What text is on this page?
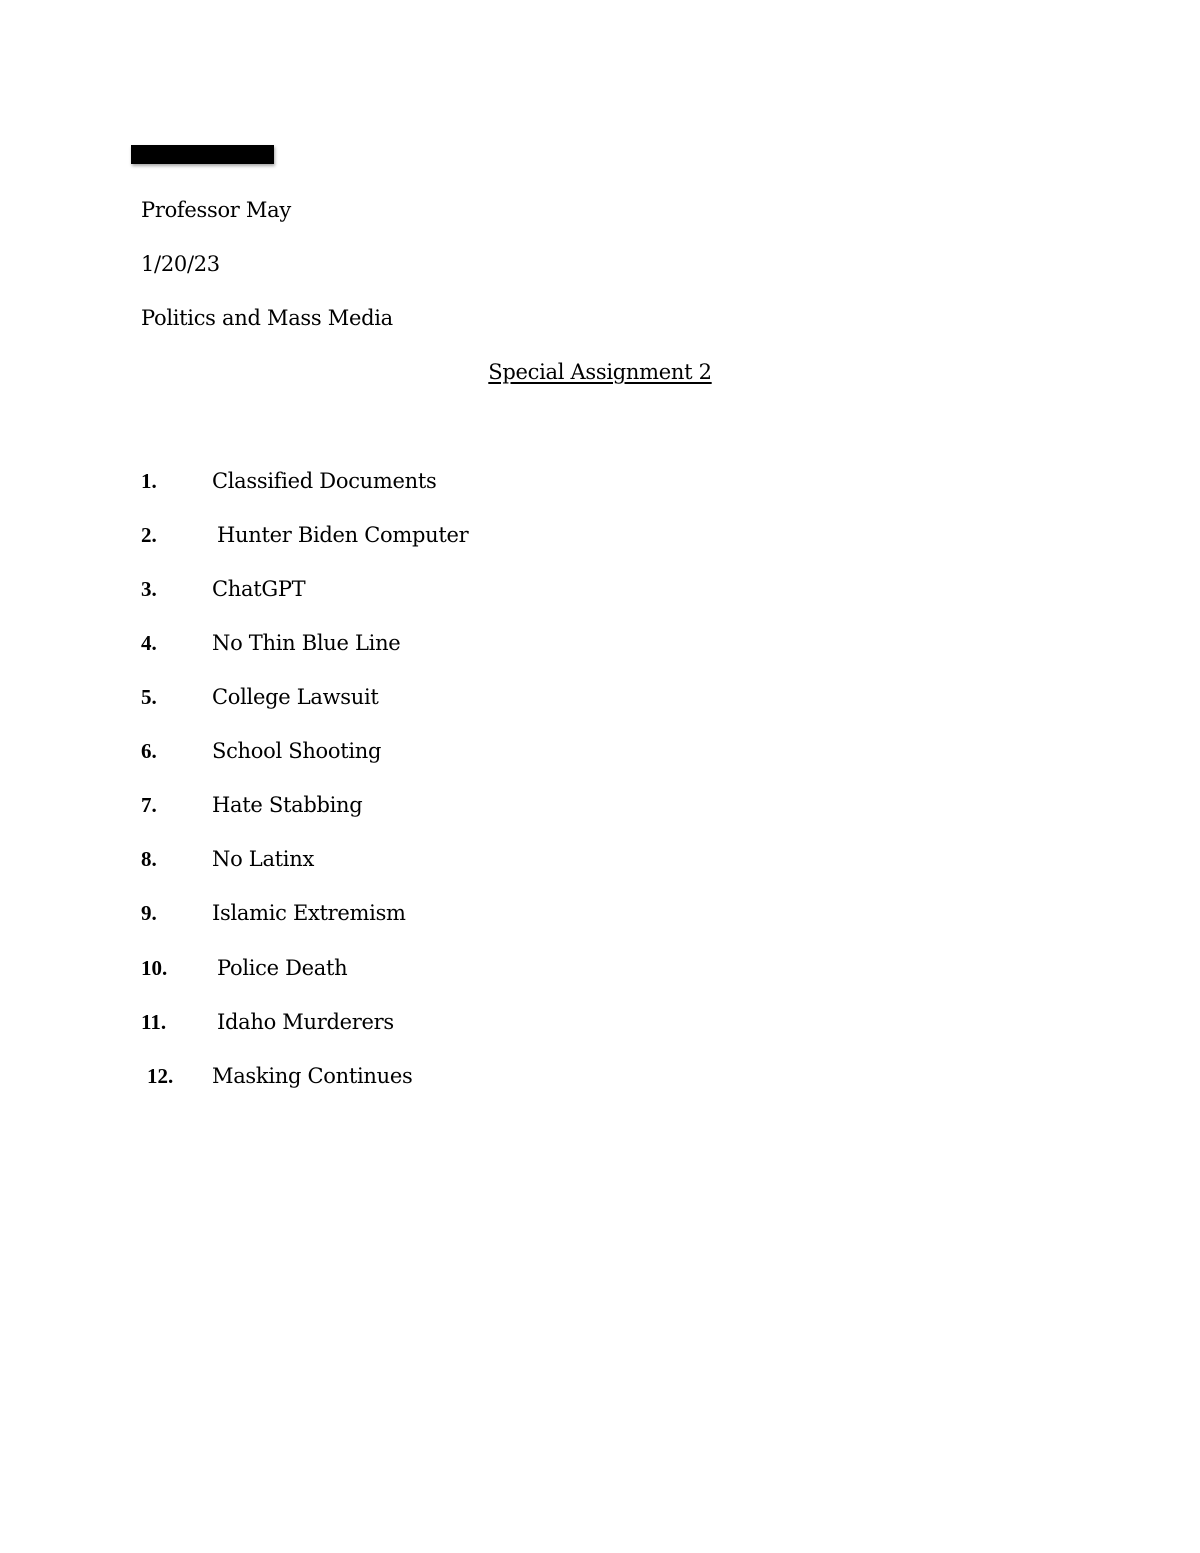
Professor May
1/20/23
Politics and Mass Media
Special Assignment 2
1.	Classified Documents
2.	Hunter Biden Computer
3.	ChatGPT
4.	No Thin Blue Line
5.	College Lawsuit
6.	School Shooting
7.	Hate Stabbing
8.	No Latinx
9.	Islamic Extremism
10. Police Death
11. Idaho Murderers
12. Masking Continues
